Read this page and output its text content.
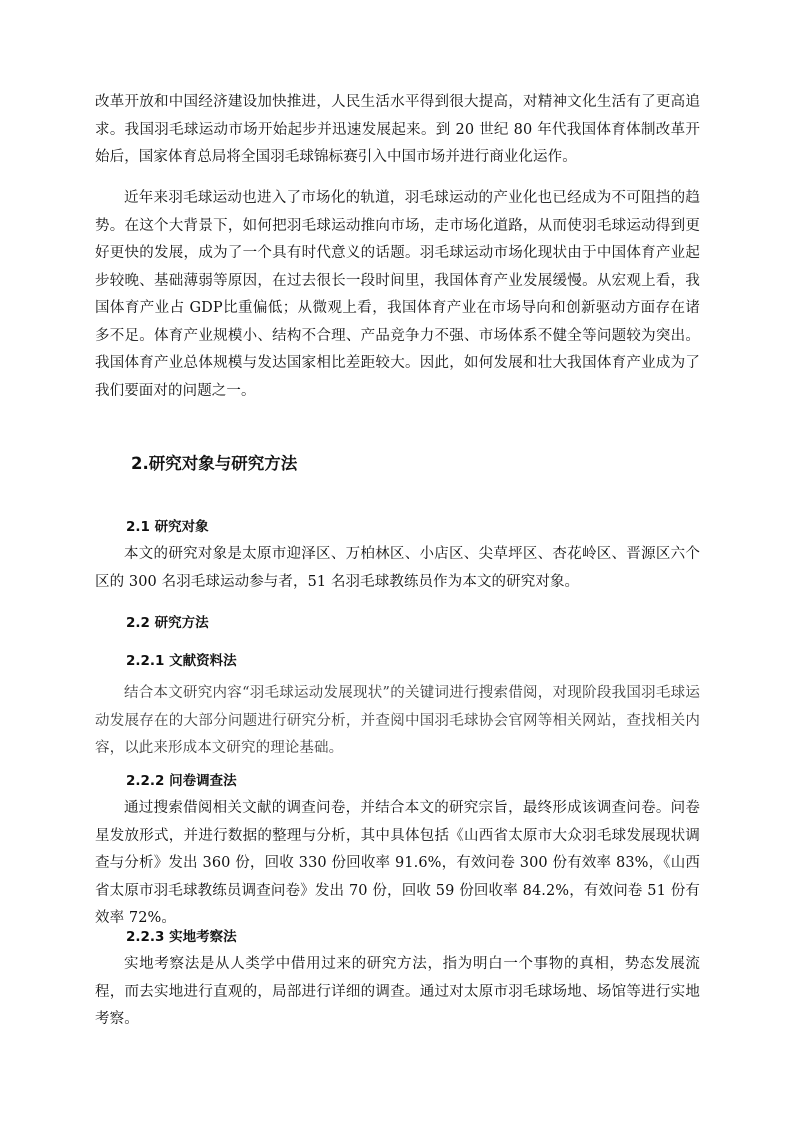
改革开放和中国经济建设加快推进，人民生活水平得到很大提高，对精神文化生活有了更高追求。我国羽毛球运动市场开始起步并迅速发展起来。到 20 世纪 80 年代我国体育体制改革开始后，国家体育总局将全国羽毛球锦标赛引入中国市场并进行商业化运作。

近年来羽毛球运动也进入了市场化的轨道，羽毛球运动的产业化也已经成为不可阻挡的趋势。在这个大背景下，如何把羽毛球运动推向市场，走市场化道路，从而使羽毛球运动得到更好更快的发展，成为了一个具有时代意义的话题。羽毛球运动市场化现状由于中国体育产业起步较晚、基础薄弱等原因，在过去很长一段时间里，我国体育产业发展缓慢。从宏观上看，我国体育产业占 GDP比重偏低；从微观上看，我国体育产业在市场导向和创新驱动方面存在诸多不足。体育产业规模小、结构不合理、产品竞争力不强、市场体系不健全等问题较为突出。我国体育产业总体规模与发达国家相比差距较大。因此，如何发展和壮大我国体育产业成为了我们要面对的问题之一。

2.研究对象与研究方法
2.1 研究对象

本文的研究对象是太原市迎泽区、万柏林区、小店区、尖草坪区、杏花岭区、晋源区六个区的 300 名羽毛球运动参与者，51 名羽毛球教练员作为本文的研究对象。

2.2 研究方法
2.2.1 文献资料法

结合本文研究内容“羽毛球运动发展现状”的关键词进行搜索借阅，对现阶段我国羽毛球运动发展存在的大部分问题进行研究分析，并查阅中国羽毛球协会官网等相关网站，查找相关内容，以此来形成本文研究的理论基础。

2.2.2 问卷调查法

通过搜索借阅相关文献的调查问卷，并结合本文的研究宗旨，最终形成该调查问卷。问卷星发放形式，并进行数据的整理与分析，其中具体包括《山西省太原市大众羽毛球发展现状调查与分析》发出 360 份，回收 330 份回收率 91.6%，有效问卷 300 份有效率 83%，《山西省太原市羽毛球教练员调查问卷》发出 70 份，回收 59 份回收率 84.2%，有效问卷 51 份有效率 72%。

2.2.3 实地考察法

实地考察法是从人类学中借用过来的研究方法，指为明白一个事物的真相，势态发展流程，而去实地进行直观的，局部进行详细的调查。通过对太原市羽毛球场地、场馆等进行实地考察。
